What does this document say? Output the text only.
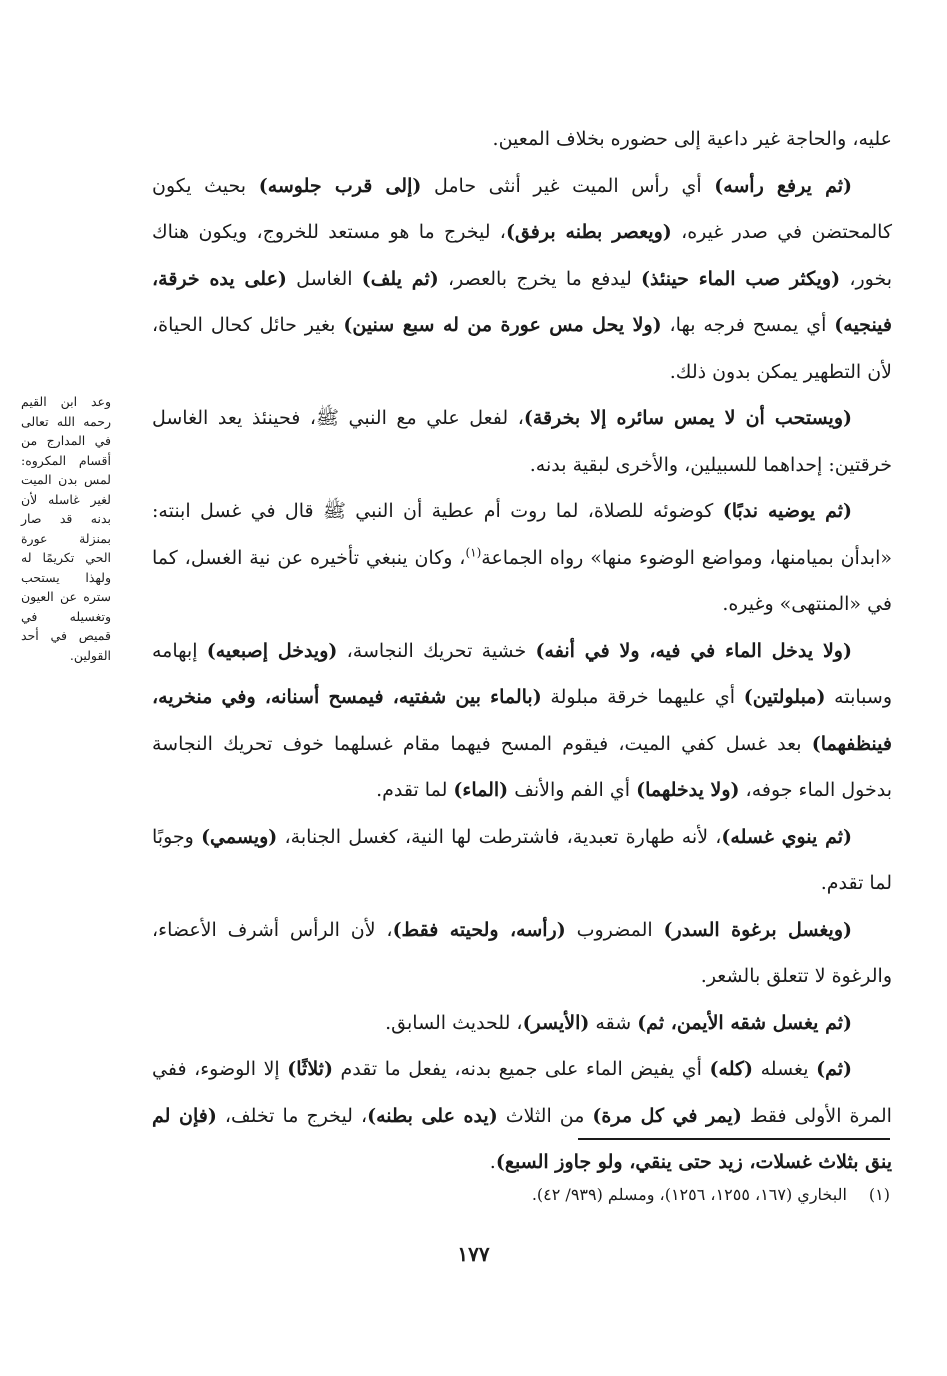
عليه، والحاجة غير داعية إلى حضوره بخلاف المعين.

(ثم يرفع رأسه) أي رأس الميت غير أنثى حامل (إلى قرب جلوسه) بحيث يكون كالمحتضن في صدر غيره، (ويعصر بطنه برفق)، ليخرج ما هو مستعد للخروج، ويكون هناك بخور، (ويكثر صب الماء حينئذ) ليدفع ما يخرج بالعصر، (ثم يلف) الغاسل (على يده خرقة، فينجيه) أي يمسح فرجه بها، (ولا يحل مس عورة من له سبع سنين) بغير حائل كحال الحياة، لأن التطهير يمكن بدون ذلك.

(ويستحب أن لا يمس سائره إلا بخرقة)، لفعل علي مع النبي ﷺ، فحينئذ يعد الغاسل خرقتين: إحداهما للسبيلين، والأخرى لبقية بدنه.

(ثم يوضيه ندبًا) كوضوئه للصلاة، لما روت أم عطية أن النبي ﷺ قال في غسل ابنته: «ابدأن بميامنها، ومواضع الوضوء منها» رواه الجماعة$^{(١)}$، وكان ينبغي تأخيره عن نية الغسل، كما في «المنتهى» وغيره.

(ولا يدخل الماء في فيه، ولا في أنفه) خشية تحريك النجاسة، (ويدخل إصبعيه) إبهامه وسبابته (مبلولتين) أي عليهما خرقة مبلولة (بالماء بين شفتيه، فيمسح أسنانه، وفي منخريه، فينظفهما) بعد غسل كفي الميت، فيقوم المسح فيهما مقام غسلهما خوف تحريك النجاسة بدخول الماء جوفه، (ولا يدخلهما) أي الفم والأنف (الماء) لما تقدم.

(ثم ينوي غسله)، لأنه طهارة تعبدية، فاشترطت لها النية، كغسل الجنابة، (ويسمي) وجوبًا لما تقدم.

(ويغسل برغوة السدر) المضروب (رأسه، ولحيته فقط)، لأن الرأس أشرف الأعضاء، والرغوة لا تتعلق بالشعر.

(ثم يغسل شقه الأيمن، ثم) شقه (الأيسر)، للحديث السابق.

(ثم) يغسله (كله) أي يفيض الماء على جميع بدنه، يفعل ما تقدم (ثلاثًا) إلا الوضوء، ففي المرة الأولى فقط (يمر في كل مرة) من الثلاث (يده على بطنه)، ليخرج ما تخلف، (فإن لم ينق بثلاث غسلات، زيد حتى ينقي، ولو جاوز السبع).

وعد ابن القيم رحمه الله تعالى في المدارج من أقسام المكروه: لمس بدن الميت لغير غاسله لأن بدنه قد صار بمنزلة عورة الحي تكريمًا له ولهذا يستحب ستره عن العيون وتغسيله في قميص في أحد القولين.
(١)البخاري (١٦٧، ١٢٥٥، ١٢٥٦)، ومسلم (٩٣٩/ ٤٢).
١٧٧
